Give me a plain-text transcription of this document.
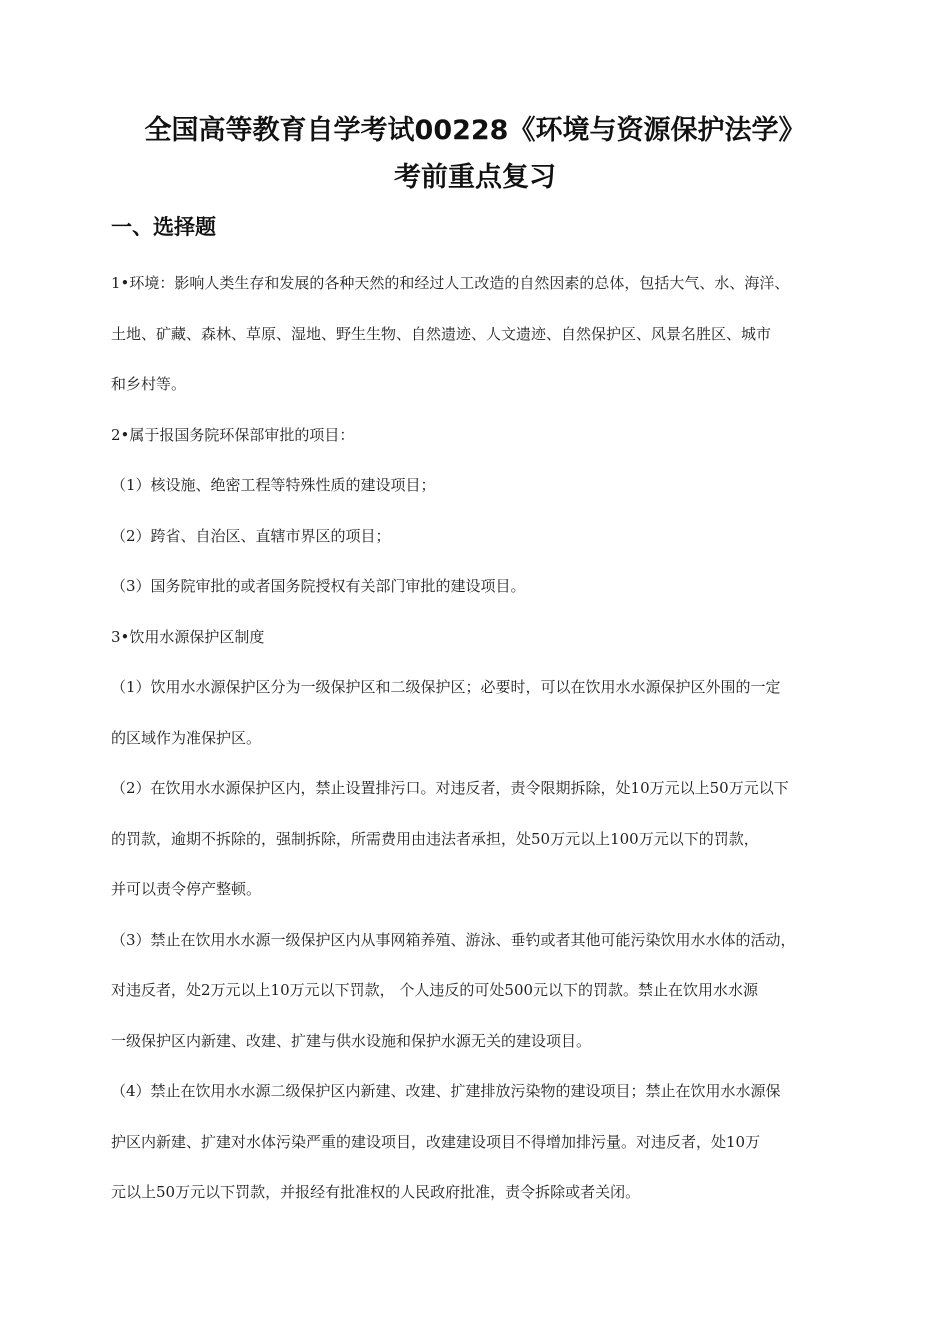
全国高等教育自学考试00228《环境与资源保护法学》
考前重点复习
一、选择题
1•环境：影响人类生存和发展的各种天然的和经过人工改造的自然因素的总体，包括大气、水、海洋、
土地、矿藏、森林、草原、湿地、野生生物、自然遗迹、人文遗迹、自然保护区、风景名胜区、城市
和乡村等。
2•属于报国务院环保部审批的项目：
（1）核设施、绝密工程等特殊性质的建设项目；
（2）跨省、自治区、直辖市界区的项目；
（3）国务院审批的或者国务院授权有关部门审批的建设项目。
3•饮用水源保护区制度
（1）饮用水水源保护区分为一级保护区和二级保护区；必要时，可以在饮用水水源保护区外围的一定
的区域作为准保护区。
（2）在饮用水水源保护区内，禁止设置排污口。对违反者，责令限期拆除，处10万元以上50万元以下
的罚款，逾期不拆除的，强制拆除，所需费用由违法者承担，处50万元以上100万元以下的罚款，
并可以责令停产整顿。
（3）禁止在饮用水水源一级保护区内从事网箱养殖、游泳、垂钓或者其他可能污染饮用水水体的活动，
对违反者，处2万元以上10万元以下罚款， 个人违反的可处500元以下的罚款。禁止在饮用水水源
一级保护区内新建、改建、扩建与供水设施和保护水源无关的建设项目。
（4）禁止在饮用水水源二级保护区内新建、改建、扩建排放污染物的建设项目；禁止在饮用水水源保
护区内新建、扩建对水体污染严重的建设项目，改建建设项目不得增加排污量。对违反者，处10万
元以上50万元以下罚款，并报经有批准权的人民政府批准，责令拆除或者关闭。
